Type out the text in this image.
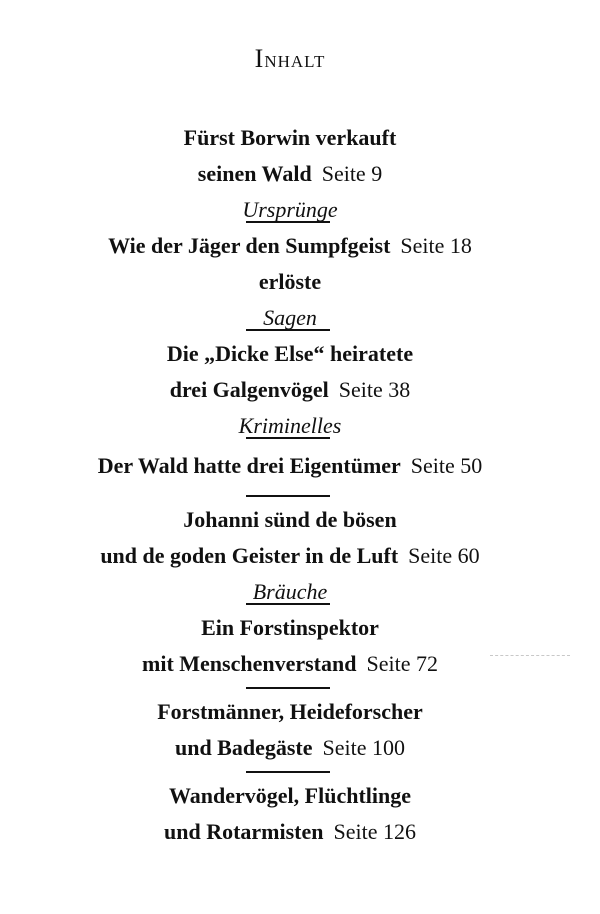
Inhalt
Fürst Borwin verkauft
seinen Wald Seite 9
Ursprünge
Wie der Jäger den Sumpfgeist Seite 18
erlöste
Sagen
Die „Dicke Else“ heiratete
drei Galgenvögel Seite 38
Kriminelles
Der Wald hatte drei Eigentümer Seite 50
Johanni sünd de bösen
und de goden Geister in de Luft Seite 60
Bräuche
Ein Forstinspektor
mit Menschenverstand Seite 72
Forstmänner, Heideforscher
und Badegäste Seite 100
Wandervögel, Flüchtlinge
und Rotarmisten Seite 126
